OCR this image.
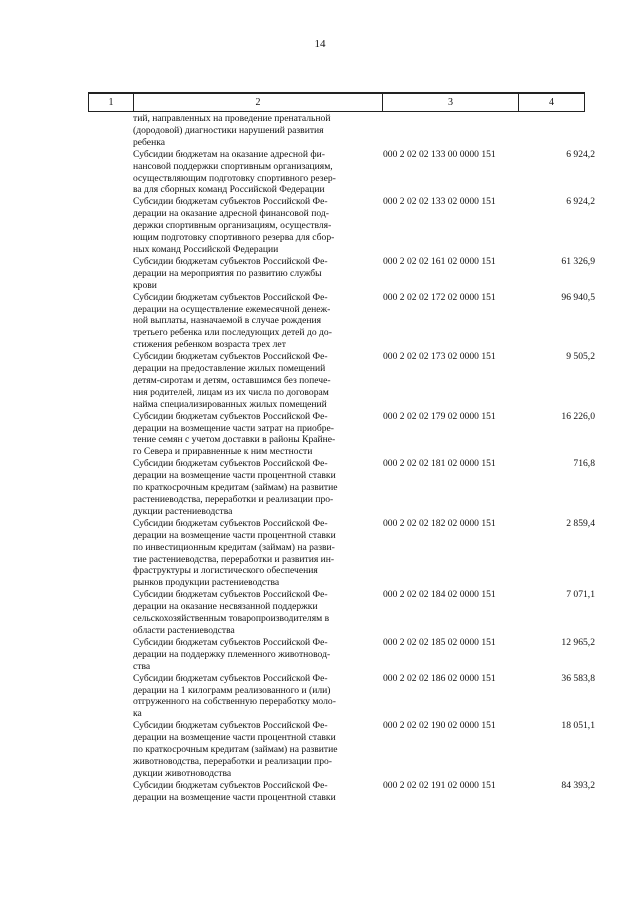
14
1	2	3	4
тий, направленных на проведение пренатальной
(дородовой) диагностики нарушений развития
ребенка
Субсидии бюджетам на оказание адресной фи-
нансовой поддержки спортивным организациям,
осуществляющим подготовку спортивного резер-
ва для сборных команд Российской Федерации
000 2 02 02 133 00 0000 151	6 924,2
Субсидии бюджетам субъектов Российской Фе-
дерации на оказание адресной финансовой под-
держки спортивным организациям, осуществля-
ющим подготовку спортивного резерва для сбор-
ных команд Российской Федерации
000 2 02 02 133 02 0000 151	6 924,2
Субсидии бюджетам субъектов Российской Фе-
дерации на мероприятия по развитию службы
крови
000 2 02 02 161 02 0000 151	61 326,9
Субсидии бюджетам субъектов Российской Фе-
дерации на осуществление ежемесячной денеж-
ной выплаты, назначаемой в случае рождения
третьего ребенка или последующих детей до до-
стижения ребенком возраста трех лет
000 2 02 02 172 02 0000 151	96 940,5
Субсидии бюджетам субъектов Российской Фе-
дерации на предоставление жилых помещений
детям-сиротам и детям, оставшимся без попече-
ния родителей, лицам из их числа по договорам
найма специализированных жилых помещений
000 2 02 02 173 02 0000 151	9 505,2
Субсидии бюджетам субъектов Российской Фе-
дерации на возмещение части затрат на приобре-
тение семян с учетом доставки в районы Крайне-
го Севера и приравненные к ним местности
000 2 02 02 179 02 0000 151	16 226,0
Субсидии бюджетам субъектов Российской Фе-
дерации на возмещение части процентной ставки
по краткосрочным кредитам (займам) на развитие
растениеводства, переработки и реализации про-
дукции растениеводства
000 2 02 02 181 02 0000 151	716,8
Субсидии бюджетам субъектов Российской Фе-
дерации на возмещение части процентной ставки
по инвестиционным кредитам (займам) на разви-
тие растениеводства, переработки и развития ин-
фраструктуры и логистического обеспечения
рынков продукции растениеводства
000 2 02 02 182 02 0000 151	2 859,4
Субсидии бюджетам субъектов Российской Фе-
дерации на оказание несвязанной поддержки
сельскохозяйственным товаропроизводителям в
области растениеводства
000 2 02 02 184 02 0000 151	7 071,1
Субсидии бюджетам субъектов Российской Фе-
дерации на поддержку племенного животновод-
ства
000 2 02 02 185 02 0000 151	12 965,2
Субсидии бюджетам субъектов Российской Фе-
дерации на 1 килограмм реализованного и (или)
отгруженного на собственную переработку моло-
ка
000 2 02 02 186 02 0000 151	36 583,8
Субсидии бюджетам субъектов Российской Фе-
дерации на возмещение части процентной ставки
по краткосрочным кредитам (займам) на развитие
животноводства, переработки и реализации про-
дукции животноводства
000 2 02 02 190 02 0000 151	18 051,1
Субсидии бюджетам субъектов Российской Фе-
дерации на возмещение части процентной ставки
000 2 02 02 191 02 0000 151	84 393,2
